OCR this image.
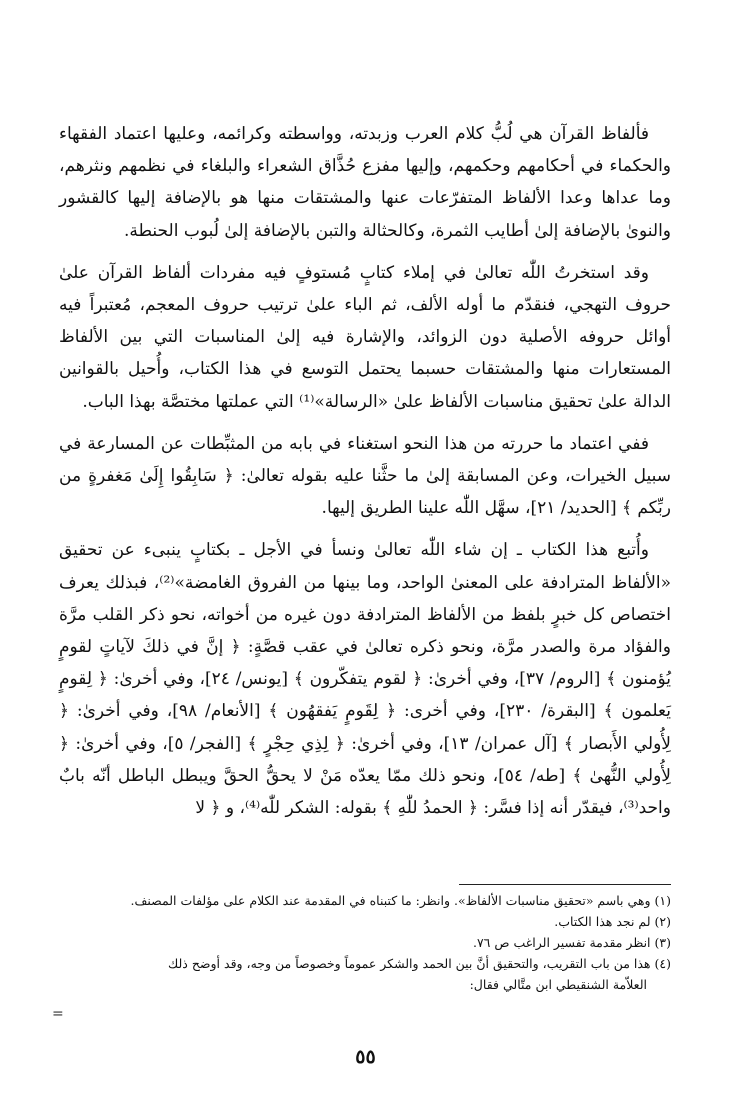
فألفاظ القرآن هي لُبُّ كلام العرب وزبدته، وواسطته وكرائمه، وعليها اعتماد الفقهاء والحكماء في أحكامهم وحكمهم، وإليها مفزع حُذَّاق الشعراء والبلغاء في نظمهم ونثرهم، وما عداها وعدا الألفاظ المتفرّعات عنها والمشتقات منها هو بالإضافة إليها كالقشور والنوىٰ بالإضافة إلىٰ أطايب الثمرة، وكالحثالة والتبن بالإضافة إلىٰ لُبوب الحنطة.

وقد استخرتُ اللّٰه تعالىٰ في إملاء كتابٍ مُستوفٍ فيه مفردات ألفاظ القرآن علىٰ حروف التهجي، فنقدّم ما أوله الألف، ثم الباء علىٰ ترتيب حروف المعجم، مُعتبراً فيه أوائل حروفه الأصلية دون الزوائد، والإشارة فيه إلىٰ المناسبات التي بين الألفاظ المستعارات منها والمشتقات حسبما يحتمل التوسع في هذا الكتاب، وأُحيل بالقوانين الدالة علىٰ تحقيق مناسبات الألفاظ علىٰ «الرسالة»⁽¹⁾ التي عملتها مختصَّة بهذا الباب.

ففي اعتماد ما حررته من هذا النحو استغناء في بابه من المثبِّطات عن المسارعة في سبيل الخيرات، وعن المسابقة إلىٰ ما حثَّنا عليه بقوله تعالىٰ: ﴿ سَابِقُوا إِلَىٰ مَغفرةٍ من ربِّكم ﴾ [الحديد/ ٢١]، سهَّل اللّٰه علينا الطريق إليها.

وأُتبع هذا الكتاب ـ إن شاء اللّٰه تعالىٰ ونسأ في الأجل ـ بكتابٍ ينبىء عن تحقيق «الألفاظ المترادفة على المعنىٰ الواحد، وما بينها من الفروق الغامضة»⁽²⁾، فبذلك يعرف اختصاص كل خبرٍ بلفظ من الألفاظ المترادفة دون غيره من أخواته، نحو ذكر القلب مرَّة والفؤاد مرة والصدر مرَّة، ونحو ذكره تعالىٰ في عقب قصَّةٍ: ﴿ إنَّ في ذلكَ لآياتٍ لقومٍ يُؤمنون ﴾ [الروم/ ٣٧]، وفي أخرىٰ: ﴿ لقوم يتفكّرون ﴾ [يونس/ ٢٤]، وفي أخرىٰ: ﴿ لِقومٍ يَعلمون ﴾ [البقرة/ ٢٣٠]، وفي أخرى: ﴿ لِقَومٍ يَفقهُون ﴾ [الأنعام/ ٩٨]، وفي أخرىٰ: ﴿ لِأُولي الأَبصار ﴾ [آل عمران/ ١٣]، وفي أخرىٰ: ﴿ لِذِي حِجْرٍ ﴾ [الفجر/ ٥]، وفي أخرىٰ: ﴿ لِأُولي النُّهىٰ ﴾ [طه/ ٥٤]، ونحو ذلك ممّا يعدّه مَنْ لا يحقُّ الحقَّ ويبطل الباطل أنّه بابٌ واحد⁽³⁾، فيقدّر أنه إذا فسَّر: ﴿ الحمدُ للّٰهِ ﴾ بقوله: الشكر للّٰه⁽⁴⁾، و ﴿ لا

(١) وهي باسم «تحقيق مناسبات الألفاظ». وانظر: ما كتبناه في المقدمة عند الكلام على مؤلفات المصنف.

(٢) لم نجد هذا الكتاب.

(٣) انظر مقدمة تفسير الراغب ص ٧٦.

(٤) هذا من باب التقريب، والتحقيق أنَّ بين الحمد والشكر عموماً وخصوصاً من وجه، وقد أوضح ذلك

العلاّمة الشنقيطي ابن متَّالي فقال:

=
٥٥
